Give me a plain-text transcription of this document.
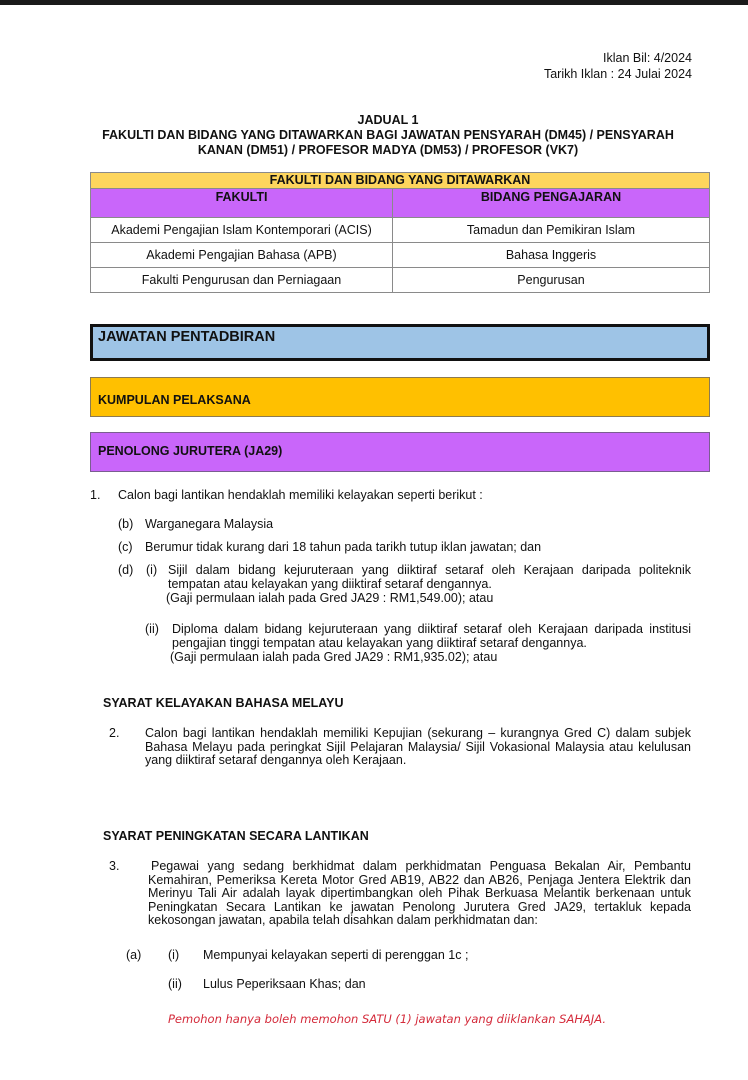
Iklan Bil: 4/2024
Tarikh Iklan : 24 Julai 2024
JADUAL 1
FAKULTI DAN BIDANG YANG DITAWARKAN BAGI JAWATAN PENSYARAH (DM45) / PENSYARAH
KANAN (DM51) / PROFESOR MADYA (DM53) / PROFESOR (VK7)
FAKULTI DAN BIDANG YANG DITAWARKAN	
FAKULTI	BIDANG PENGAJARAN
Akademi Pengajian Islam Kontemporari (ACIS)	Tamadun dan Pemikiran Islam
Akademi Pengajian Bahasa (APB)	Bahasa Inggeris
Fakulti Pengurusan dan Perniagaan	Pengurusan
JAWATAN PENTADBIRAN
KUMPULAN PELAKSANA
PENOLONG JURUTERA (JA29)
1. Calon bagi lantikan hendaklah memiliki kelayakan seperti berikut :
(b) Warganegara Malaysia
(c) Berumur tidak kurang dari 18 tahun pada tarikh tutup iklan jawatan; dan
(d) (i) Sijil dalam bidang kejuruteraan yang diiktiraf setaraf oleh Kerajaan daripada politeknik tempatan atau kelayakan yang diiktiraf setaraf dengannya.
(Gaji permulaan ialah pada Gred JA29 : RM1,549.00); atau
(ii) Diploma dalam bidang kejuruteraan yang diiktiraf setaraf oleh Kerajaan daripada institusi pengajian tinggi tempatan atau kelayakan yang diiktiraf setaraf dengannya.
(Gaji permulaan ialah pada Gred JA29 : RM1,935.02); atau
SYARAT KELAYAKAN BAHASA MELAYU
2. Calon bagi lantikan hendaklah memiliki Kepujian (sekurang – kurangnya Gred C) dalam subjek Bahasa Melayu pada peringkat Sijil Pelajaran Malaysia/ Sijil Vokasional Malaysia atau kelulusan yang diiktiraf setaraf dengannya oleh Kerajaan.
SYARAT PENINGKATAN SECARA LANTIKAN
3.	Pegawai yang sedang berkhidmat dalam perkhidmatan Penguasa Bekalan Air, Pembantu Kemahiran, Pemeriksa Kereta Motor Gred AB19, AB22 dan AB26, Penjaga Jentera Elektrik dan Merinyu Tali Air adalah layak dipertimbangkan oleh Pihak Berkuasa Melantik berkenaan untuk Peningkatan Secara Lantikan ke jawatan Penolong Jurutera Gred JA29, tertakluk kepada kekosongan jawatan, apabila telah disahkan dalam perkhidmatan dan:
(a) (i) Mempunyai kelayakan seperti di perenggan 1c ;
(ii) Lulus Peperiksaan Khas; dan
Pemohon hanya boleh memohon SATU (1) jawatan yang diiklankan SAHAJA.
